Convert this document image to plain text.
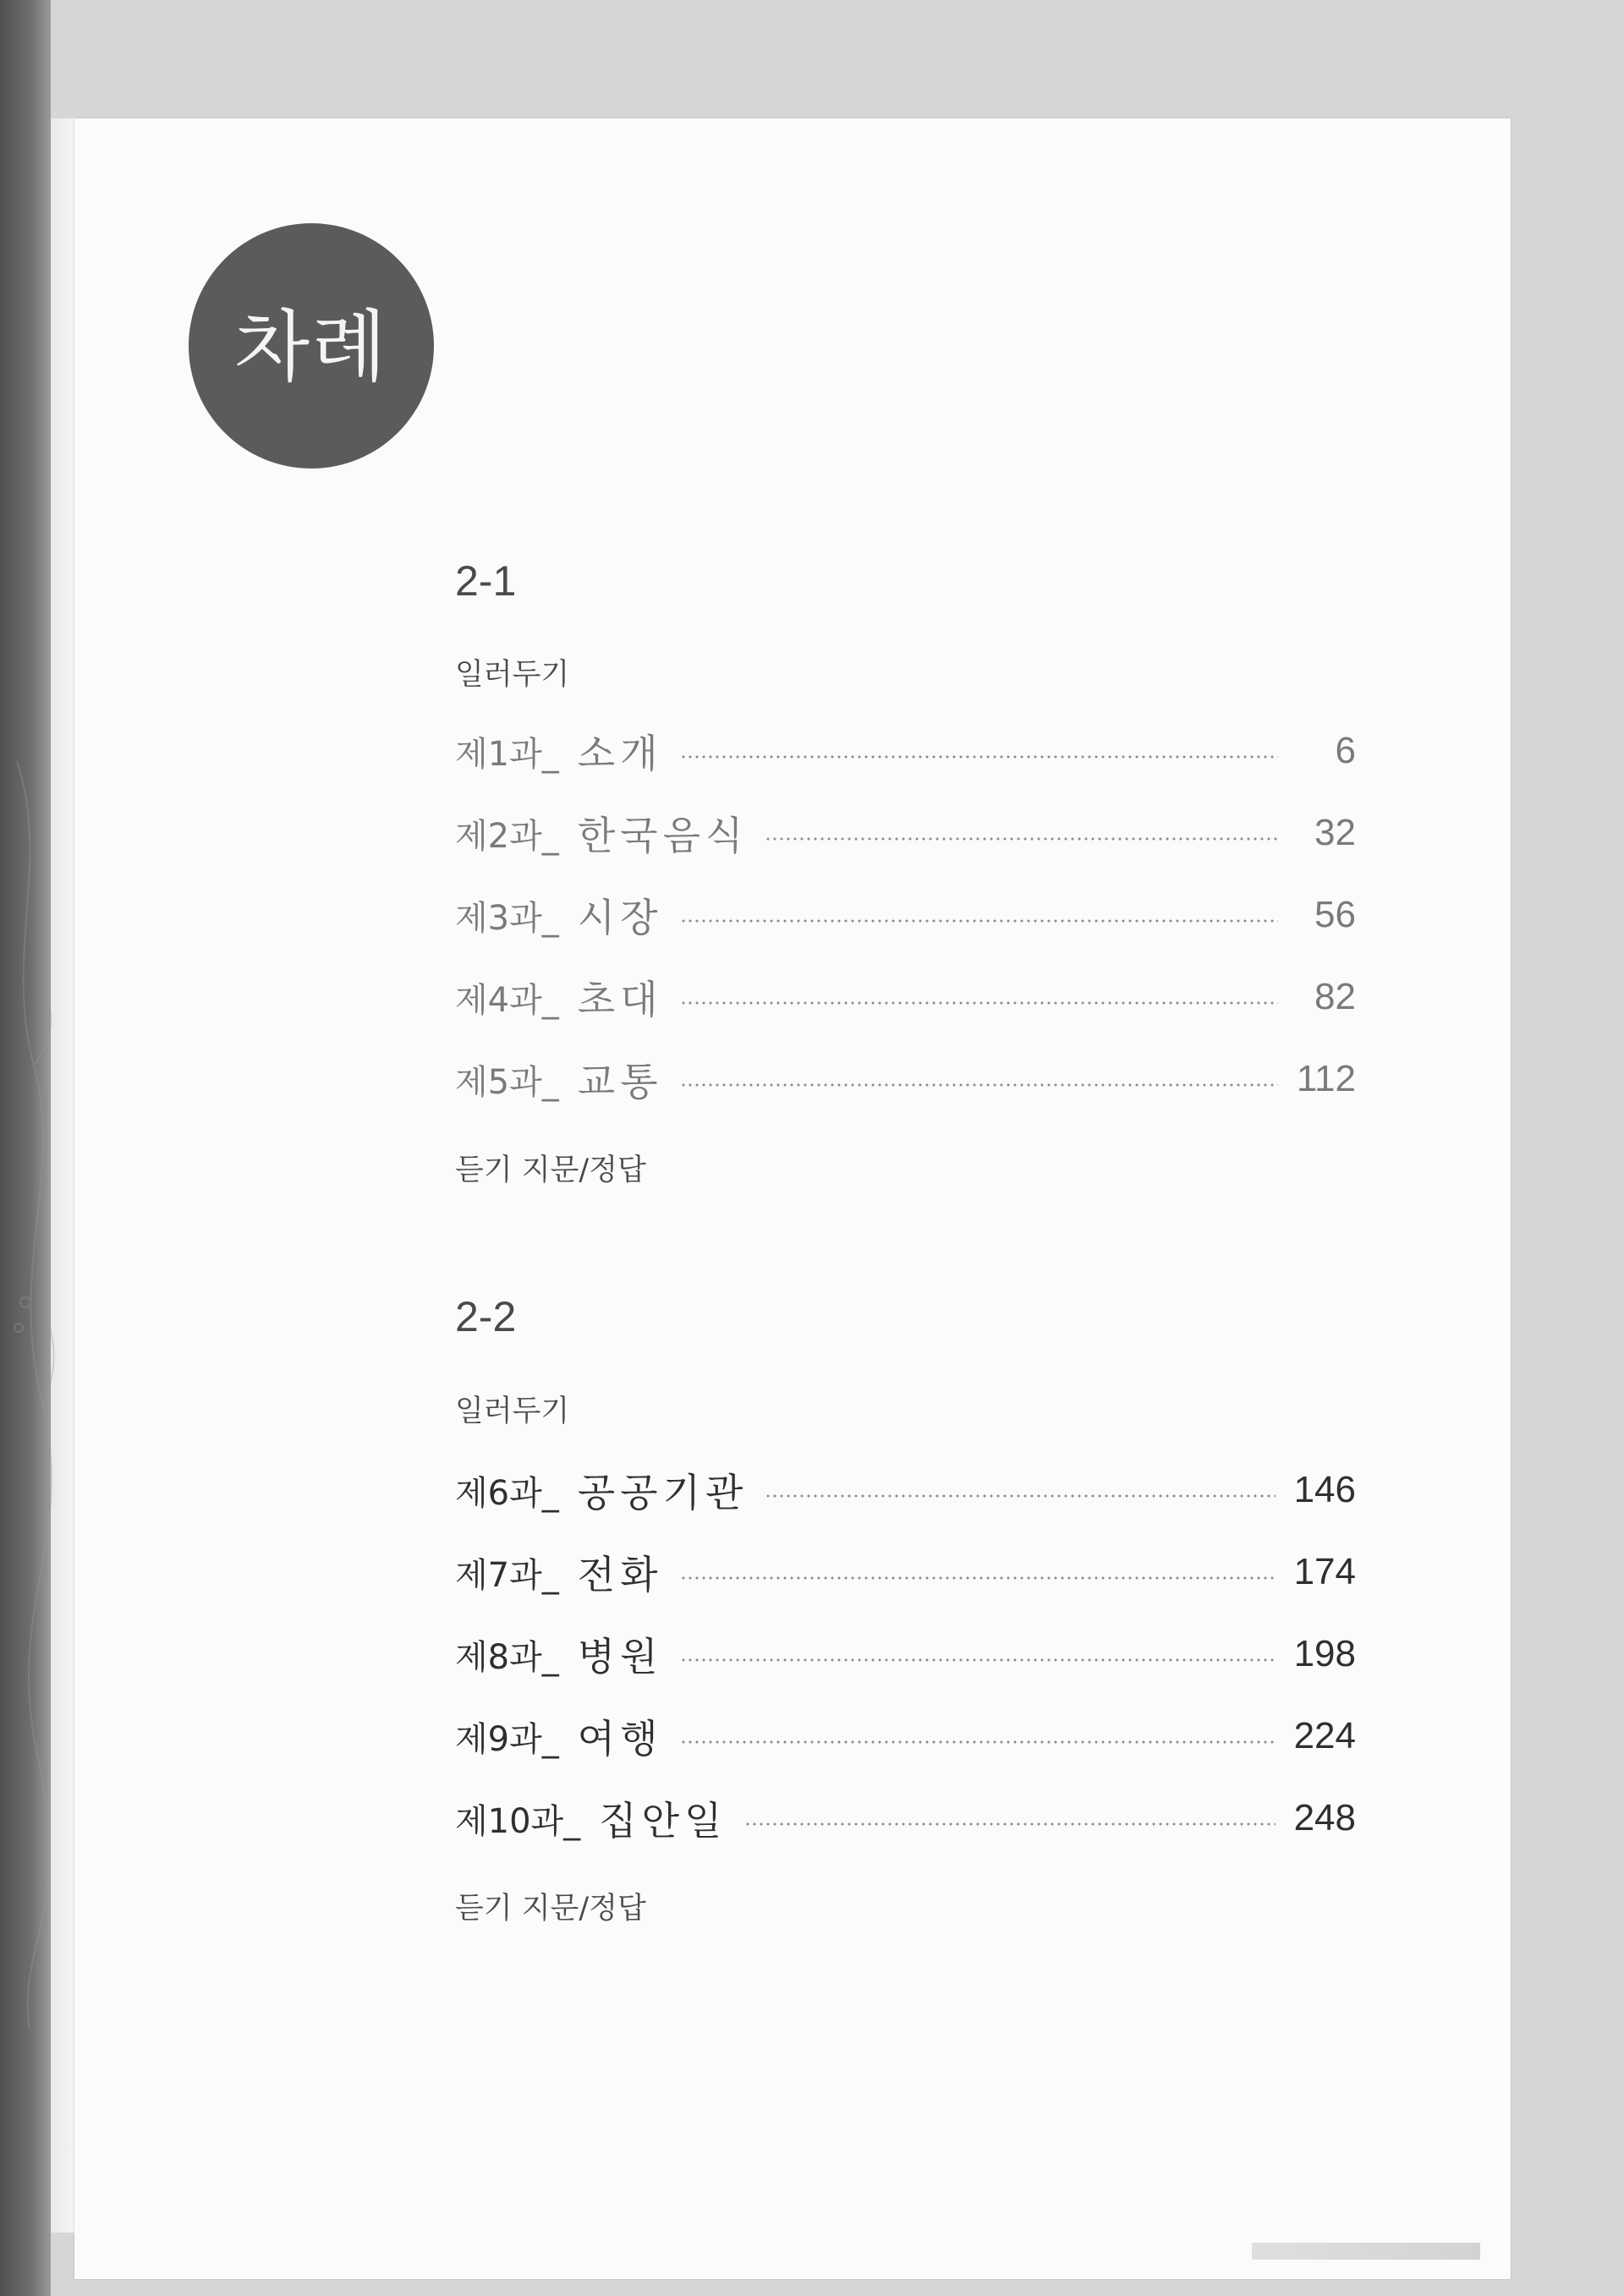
차례
2-1
일러두기
제1과_ 소개	6
제2과_ 한국음식	32
제3과_ 시장	56
제4과_ 초대	82
제5과_ 교통	112
듣기 지문/정답
2-2
일러두기
제6과_ 공공기관	146
제7과_ 전화	174
제8과_ 병원	198
제9과_ 여행	224
제10과_ 집안일	248
듣기 지문/정답
